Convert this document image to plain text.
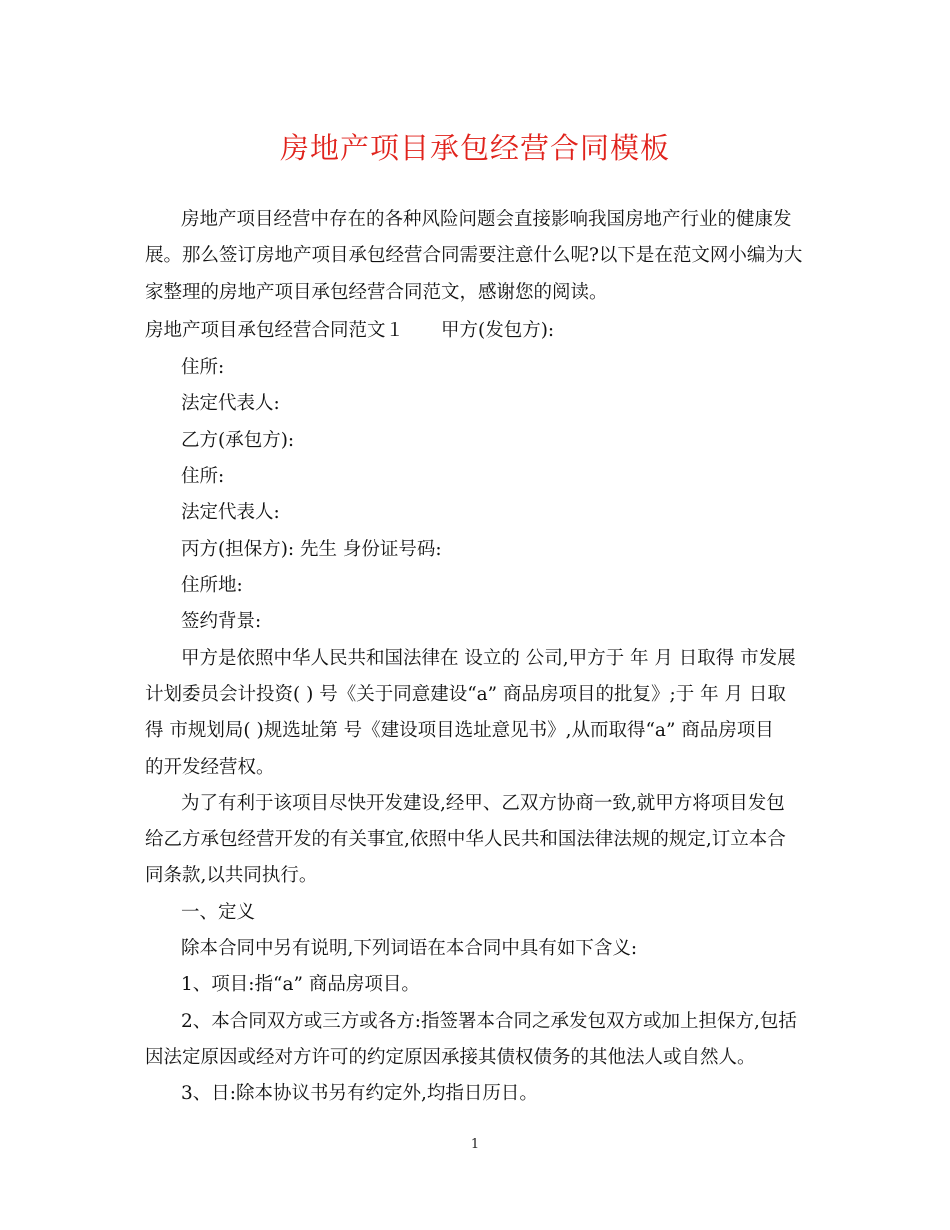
房地产项目承包经营合同模板
房地产项目经营中存在的各种风险问题会直接影响我国房地产行业的健康发
展。那么签订房地产项目承包经营合同需要注意什么呢?以下是在范文网小编为大
家整理的房地产项目承包经营合同范文，感谢您的阅读。
房地产项目承包经营合同范文１　　甲方(发包方):
住所:
法定代表人:
乙方(承包方):
住所:
法定代表人:
丙方(担保方): 先生 身份证号码:
住所地:
签约背景:
甲方是依照中华人民共和国法律在 设立的 公司,甲方于 年 月 日取得 市发展
计划委员会计投资( ) 号《关于同意建设“a” 商品房项目的批复》;于 年 月 日取
得 市规划局( )规选址第 号《建设项目选址意见书》,从而取得“a” 商品房项目
的开发经营权。
为了有利于该项目尽快开发建设,经甲、乙双方协商一致,就甲方将项目发包
给乙方承包经营开发的有关事宜,依照中华人民共和国法律法规的规定,订立本合
同条款,以共同执行。
一、定义
除本合同中另有说明,下列词语在本合同中具有如下含义:
1、项目:指“a” 商品房项目。
2、本合同双方或三方或各方:指签署本合同之承发包双方或加上担保方,包括
因法定原因或经对方许可的约定原因承接其债权债务的其他法人或自然人。
3、日:除本协议书另有约定外,均指日历日。
1
